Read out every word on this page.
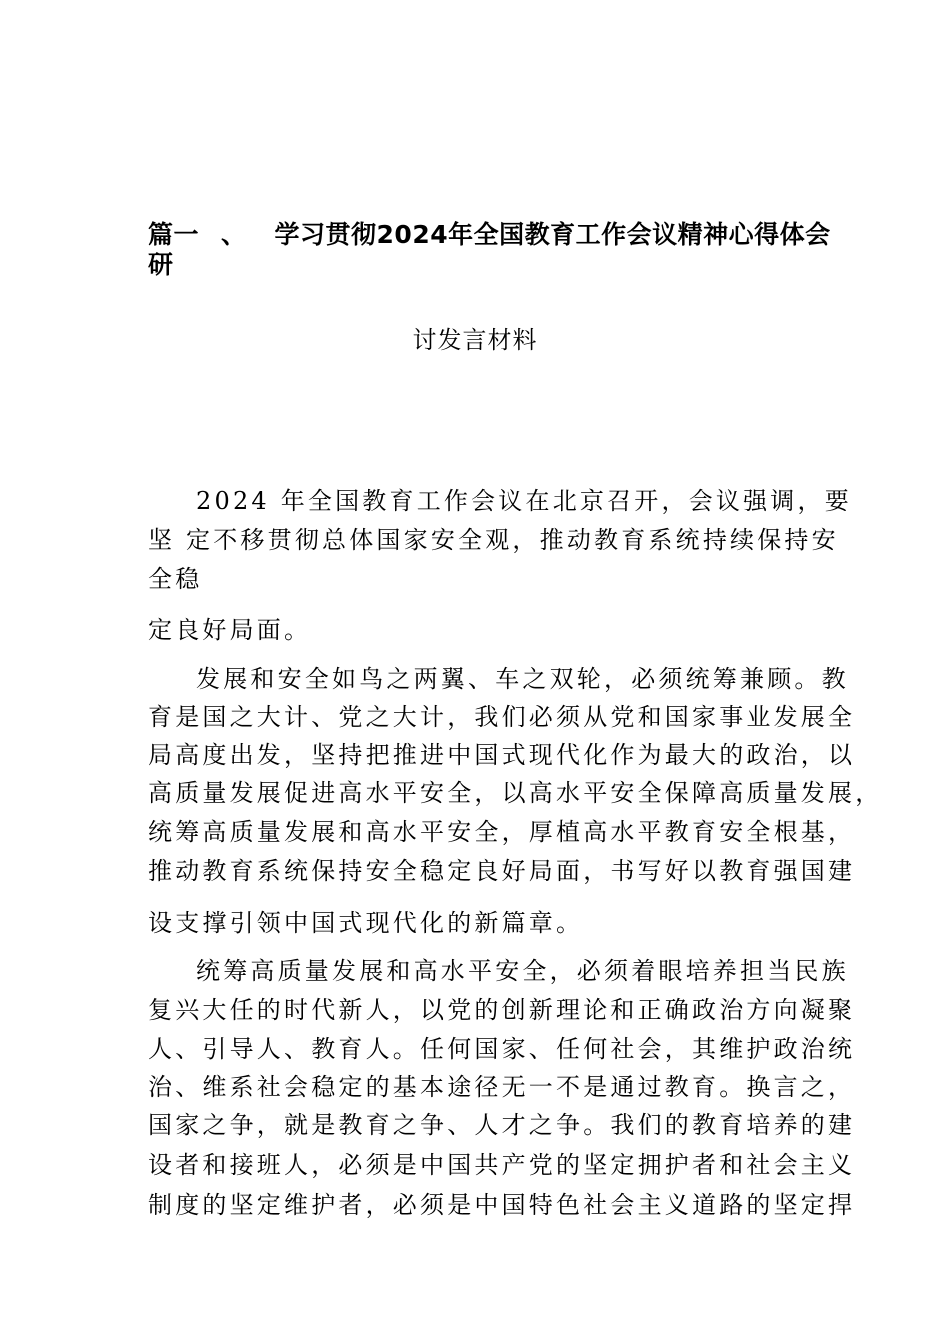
篇一 、 学习贯彻2024年全国教育工作会议精神心得体会
研
讨发言材料
2024 年全国教育工作会议在北京召开，会议强调，要
坚 定不移贯彻总体国家安全观，推动教育系统持续保持安
全稳
定良好局面。
发展和安全如鸟之两翼、车之双轮，必须统筹兼顾。教
育是国之大计、党之大计，我们必须从党和国家事业发展全
局高度出发，坚持把推进中国式现代化作为最大的政治，以
高质量发展促进高水平安全，以高水平安全保障高质量发展，
统筹高质量发展和高水平安全，厚植高水平教育安全根基，
推动教育系统保持安全稳定良好局面，书写好以教育强国建
设支撑引领中国式现代化的新篇章。
统筹高质量发展和高水平安全，必须着眼培养担当民族
复兴大任的时代新人，以党的创新理论和正确政治方向凝聚
人、引导人、教育人。任何国家、任何社会，其维护政治统
治、维系社会稳定的基本途径无一不是通过教育。换言之，
国家之争，就是教育之争、人才之争。我们的教育培养的建
设者和接班人，必须是中国共产党的坚定拥护者和社会主义
制度的坚定维护者，必须是中国特色社会主义道路的坚定捍
